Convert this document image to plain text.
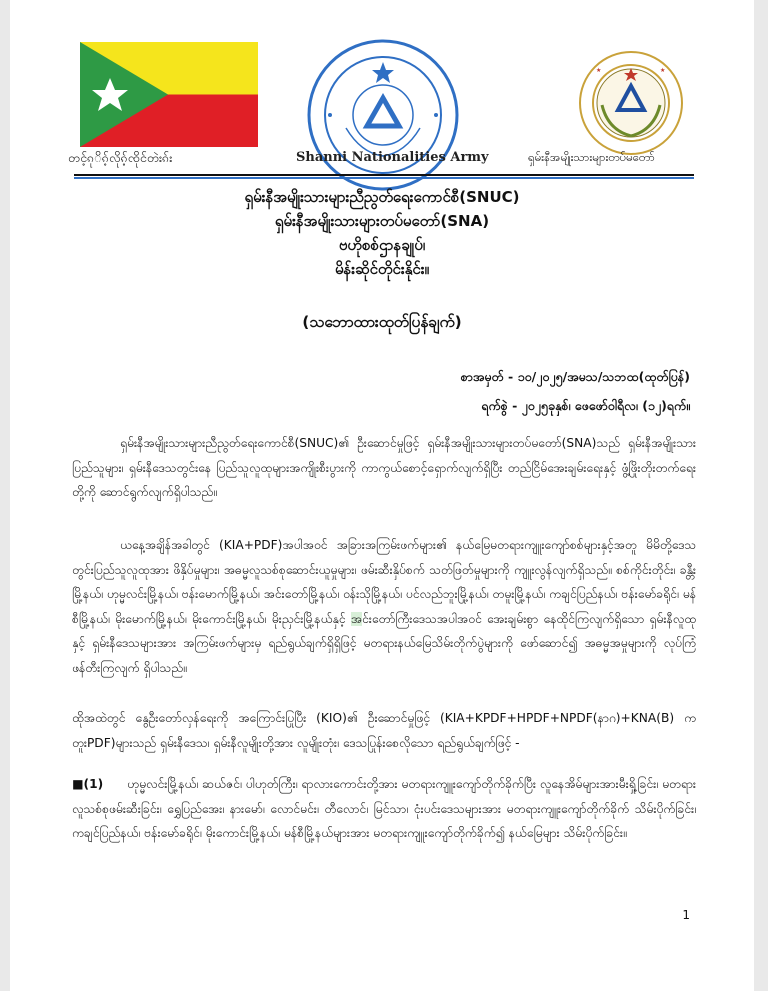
★	★
တင့်ၵုိၵ့်လိုၵ့်ၸိုင်တဲးၵ်း	Shanni Nationalities Army	ရှမ်းနီအမျိုးသားများတပ်မတော်
ရှမ်းနီအမျိုးသားများညီညွတ်ရေးကောင်စီ(SNUC)
ရှမ်းနီအမျိုးသားများတပ်မတော်(SNA)
ဗဟိုစစ်ဌာနချုပ်၊
မိန်းဆိုင်တိုင်းနိုင်း။
(သဘောထားထုတ်ပြန်ချက်)
စာအမှတ် - ၁၀/၂၀၂၅/အမသ/သဘထ(ထုတ်ပြန်)
ရက်စွဲ - ၂၀၂၅ခုနှစ်၊ ဖေဖော်ဝါရီလ၊ (၁၂)ရက်။
ရှမ်းနီအမျိုးသားများညီညွတ်ရေးကောင်စီ(SNUC)၏ ဦးဆောင်မှုဖြင့် ရှမ်းနီအမျိုးသားများတပ်မတော်(SNA)သည် ရှမ်းနီအမျိုးသားပြည်သူများ၊ ရှမ်းနီဒေသတွင်းနေ ပြည်သူလူထုများအကျိုးစီးပွားကို ကာကွယ်စောင့်ရှောက်လျက်ရှိပြီး တည်ငြိမ်အေးချမ်းရေးနှင့် ဖွံ့ဖြိုးတိုးတက်ရေးတို့ကို ဆောင်ရွက်လျက်ရှိပါသည်။
ယနေ့အချိန်အခါတွင် (KIA+PDF)အပါအဝင် အခြားအကြမ်းဖက်များ၏ နယ်မြေမတရားကျူးကျော်စစ်များနှင့်အတူ မိမိတို့ဒေသတွင်းပြည်သူလူထုအား ဖိနှိပ်မှုများ၊ အဓမ္မလူသစ်စုဆောင်းယူမှုများ၊ ဖမ်းဆီးနှိပ်စက် သတ်ဖြတ်မှုများကို ကျူးလွန်လျက်ရှိသည်။ စစ်ကိုင်းတိုင်း၊ ခန္တီးမြို့နယ်၊ ဟုမ္မလင်းမြို့နယ်၊ ဗန်းမောက်မြို့နယ်၊ အင်းတော်မြို့နယ်၊ ဝန်းသိုမြို့နယ်၊ ပင်လည်ဘူးမြို့နယ်၊ တမူးမြို့နယ်၊ ကချင်ပြည်နယ်၊ ဗန်းမော်ခရိုင်၊ မန်စီမြို့နယ်၊ မိုးမောက်မြို့နယ်၊ မိုးကောင်းမြို့နယ်၊ မိုးညှင်းမြို့နယ်နှင့် အင်းတော်ကြီးဒေသအပါအဝင် အေးချမ်းစွာ နေထိုင်ကြလျက်ရှိသော ရှမ်းနီလူထုနှင့် ရှမ်းနီဒေသများအား အကြမ်းဖက်များမှ ရည်ရွယ်ချက်ရှိရှိဖြင့် မတရားနယ်မြေသိမ်းတိုက်ပွဲများကို ဖော်ဆောင်၍ အဓမ္မအမှုများကို လုပ်ကြံဖန်တီးကြလျက် ရှိပါသည်။
ထိုအထဲတွင် နွေဦးတော်လှန်ရေးကို အကြောင်းပြုပြီး (KIO)၏ ဦးဆောင်မှုဖြင့် (KIA+KPDF+HPDF+NPDF(နာဂ)+KNA(B) ကတူးPDF)များသည် ရှမ်းနီဒေသ၊ ရှမ်းနီလူမျိုးတို့အား လူမျိုးတုံး၊ ဒေသပြုန်းစေလိုသော ရည်ရွယ်ချက်ဖြင့် -
■(1) ဟုမ္မလင်းမြို့နယ်၊ ဆယ်ဇင်၊ ပါဟုတ်ကြီး၊ ရာလားကောင်းတို့အား မတရားကျူးကျော်တိုက်ခိုက်ပြီး လူနေအိမ်များအားမီးရှို့ခြင်း၊ မတရားလူသစ်စုဖမ်းဆီးခြင်း၊ ရွှေပြည်အေး၊ နားမော်၊ လောင်မင်း၊ တီလောင်၊ မြင်သာ၊ ငုံးပင်းဒေသများအား မတရားကျူးကျော်တိုက်ခိုက် သိမ်းပိုက်ခြင်း၊ ကချင်ပြည်နယ်၊ ဗန်းမော်ခရိုင်၊ မိုးကောင်းမြို့နယ်၊ မန်စီမြို့နယ်များအား မတရားကျူးကျော်တိုက်ခိုက်၍ နယ်မြေများ သိမ်းပိုက်ခြင်း။
1
